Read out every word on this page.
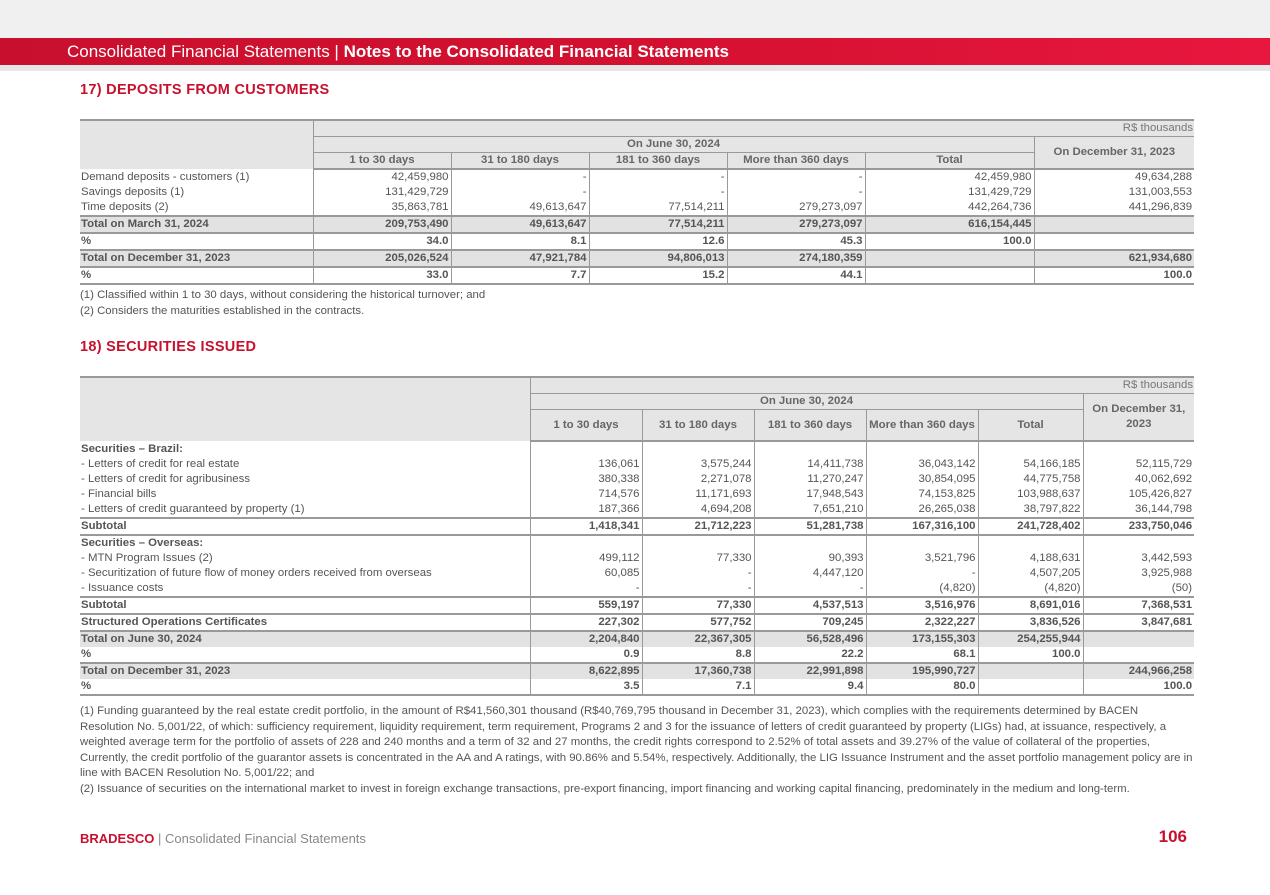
Consolidated Financial Statements | Notes to the Consolidated Financial Statements
17) DEPOSITS FROM CUSTOMERS
	R$ thousands					
	On June 30, 2024					On December 31, 2023
	1 to 30 days	31 to 180 days	181 to 360 days	More than 360 days	Total	
Demand deposits - customers (1)	42,459,980	-	-	-	42,459,980	49,634,288
Savings deposits (1)	131,429,729	-	-	-	131,429,729	131,003,553
Time deposits (2)	35,863,781	49,613,647	77,514,211	279,273,097	442,264,736	441,296,839
Total on March 31, 2024	209,753,490	49,613,647	77,514,211	279,273,097	616,154,445	
%	34.0	8.1	12.6	45.3	100.0	
Total on December 31, 2023	205,026,524	47,921,784	94,806,013	274,180,359		621,934,680
%	33.0	7.7	15.2	44.1		100.0
(1) Classified within 1 to 30 days, without considering the historical turnover; and
(2) Considers the maturities established in the contracts.
18) SECURITIES ISSUED
	R$ thousands					
	On June 30, 2024					On December 31, 2023
	1 to 30 days	31 to 180 days	181 to 360 days	More than 360 days	Total	
Securities – Brazil:						
- Letters of credit for real estate	136,061	3,575,244	14,411,738	36,043,142	54,166,185	52,115,729
- Letters of credit for agribusiness	380,338	2,271,078	11,270,247	30,854,095	44,775,758	40,062,692
- Financial bills	714,576	11,171,693	17,948,543	74,153,825	103,988,637	105,426,827
- Letters of credit guaranteed by property (1)	187,366	4,694,208	7,651,210	26,265,038	38,797,822	36,144,798
Subtotal	1,418,341	21,712,223	51,281,738	167,316,100	241,728,402	233,750,046
Securities – Overseas:						
- MTN Program Issues (2)	499,112	77,330	90,393	3,521,796	4,188,631	3,442,593
- Securitization of future flow of money orders received from overseas	60,085	-	4,447,120	-	4,507,205	3,925,988
- Issuance costs	-	-	-	(4,820)	(4,820)	(50)
Subtotal	559,197	77,330	4,537,513	3,516,976	8,691,016	7,368,531
Structured Operations Certificates	227,302	577,752	709,245	2,322,227	3,836,526	3,847,681
Total on June 30, 2024	2,204,840	22,367,305	56,528,496	173,155,303	254,255,944	
%	0.9	8.8	22.2	68.1	100.0	
Total on December 31, 2023	8,622,895	17,360,738	22,991,898	195,990,727		244,966,258
%	3.5	7.1	9.4	80.0		100.0
(1) Funding guaranteed by the real estate credit portfolio, in the amount of R$41,560,301 thousand (R$40,769,795 thousand in December 31, 2023), which complies with the requirements determined by BACEN Resolution No. 5,001/22, of which: sufficiency requirement, liquidity requirement, term requirement, Programs 2 and 3 for the issuance of letters of credit guaranteed by property (LIGs) had, at issuance, respectively, a weighted average term for the portfolio of assets of 228 and 240 months and a term of 32 and 27 months, the credit rights correspond to 2.52% of total assets and 39.27% of the value of collateral of the properties, Currently, the credit portfolio of the guarantor assets is concentrated in the AA and A ratings, with 90.86% and 5.54%, respectively. Additionally, the LIG Issuance Instrument and the asset portfolio management policy are in line with BACEN Resolution No. 5,001/22; and
(2) Issuance of securities on the international market to invest in foreign exchange transactions, pre-export financing, import financing and working capital financing, predominately in the medium and long-term.
BRADESCO | Consolidated Financial Statements	106
